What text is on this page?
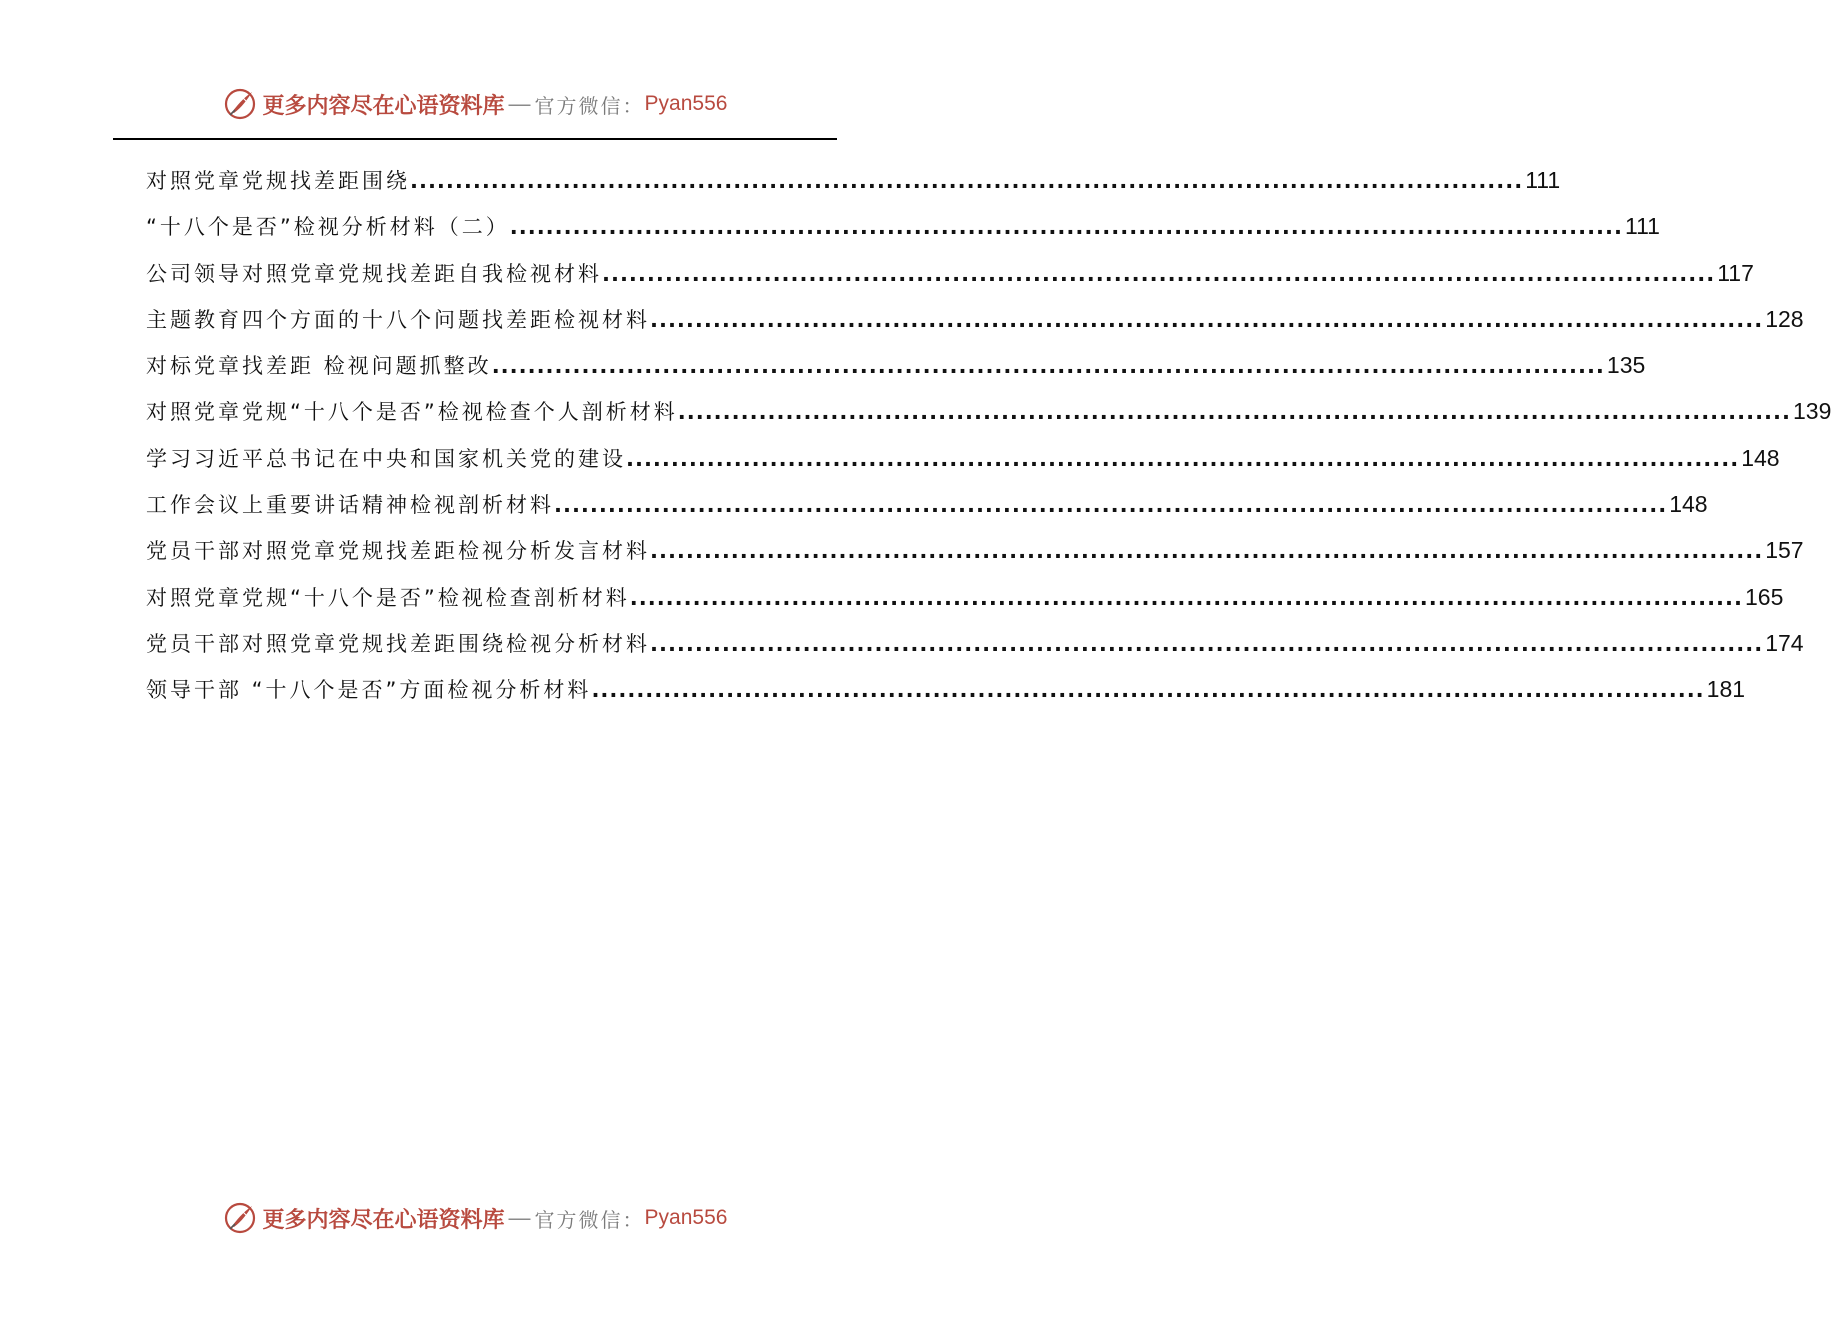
更多内容尽在心语资料库 — 官方微信： Pyan556
对照党章党规找差距围绕 ............................................................................................................................ 111
“十八个是否”检视分析材料（二） ............................................................................................................................ 111
公司领导对照党章党规找差距自我检视材料 ............................................................................................................................ 117
主题教育四个方面的十八个问题找差距检视材料 ............................................................................................................................ 128
对标党章找差距 检视问题抓整改 ............................................................................................................................ 135
对照党章党规“十八个是否”检视检查个人剖析材料 ............................................................................................................................ 139
学习习近平总书记在中央和国家机关党的建设 ............................................................................................................................ 148
工作会议上重要讲话精神检视剖析材料 ............................................................................................................................ 148
党员干部对照党章党规找差距检视分析发言材料 ............................................................................................................................ 157
对照党章党规“十八个是否”检视检查剖析材料 ............................................................................................................................ 165
党员干部对照党章党规找差距围绕检视分析材料 ............................................................................................................................ 174
领导干部 “十八个是否”方面检视分析材料 ............................................................................................................................ 181
更多内容尽在心语资料库 — 官方微信： Pyan556
